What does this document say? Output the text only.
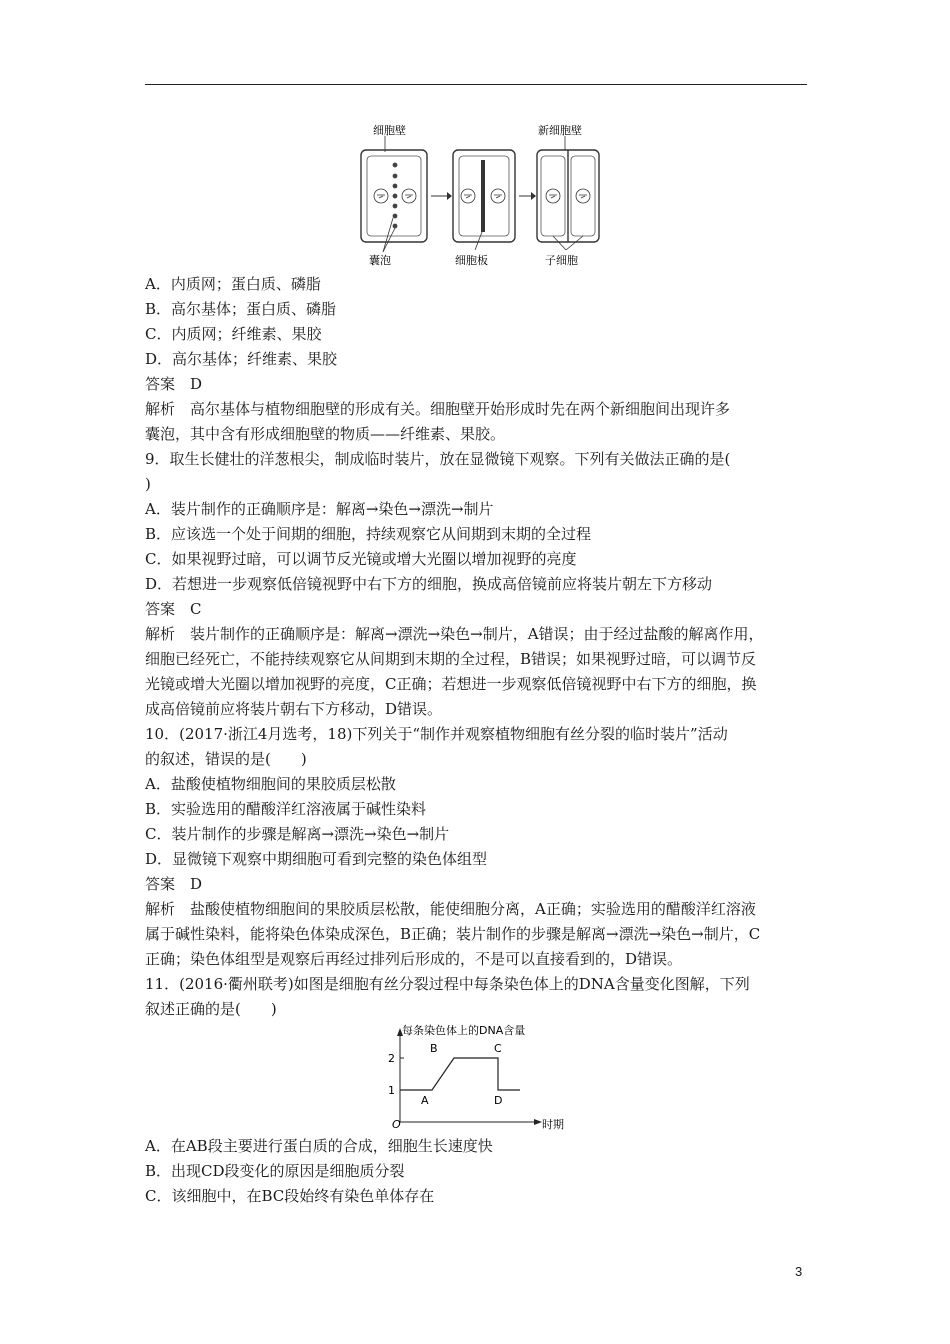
细胞壁	新细胞壁
囊泡	细胞板	子细胞
A．内质网；蛋白质、磷脂
B．高尔基体；蛋白质、磷脂
C．内质网；纤维素、果胶
D．高尔基体；纤维素、果胶
答案　D
解析　高尔基体与植物细胞壁的形成有关。细胞壁开始形成时先在两个新细胞间出现许多
囊泡，其中含有形成细胞壁的物质——纤维素、果胶。
9．取生长健壮的洋葱根尖，制成临时装片，放在显微镜下观察。下列有关做法正确的是(
)
A．装片制作的正确顺序是：解离→染色→漂洗→制片
B．应该选一个处于间期的细胞，持续观察它从间期到末期的全过程
C．如果视野过暗，可以调节反光镜或增大光圈以增加视野的亮度
D．若想进一步观察低倍镜视野中右下方的细胞，换成高倍镜前应将装片朝左下方移动
答案　C
解析　装片制作的正确顺序是：解离→漂洗→染色→制片，A错误；由于经过盐酸的解离作用，
细胞已经死亡，不能持续观察它从间期到末期的全过程，B错误；如果视野过暗，可以调节反
光镜或增大光圈以增加视野的亮度，C正确；若想进一步观察低倍镜视野中右下方的细胞，换
成高倍镜前应将装片朝右下方移动，D错误。
10．(2017·浙江4月选考，18)下列关于“制作并观察植物细胞有丝分裂的临时装片”活动
的叙述，错误的是(　　)
A．盐酸使植物细胞间的果胶质层松散
B．实验选用的醋酸洋红溶液属于碱性染料
C．装片制作的步骤是解离→漂洗→染色→制片
D．显微镜下观察中期细胞可看到完整的染色体组型
答案　D
解析　盐酸使植物细胞间的果胶质层松散，能使细胞分离，A正确；实验选用的醋酸洋红溶液
属于碱性染料，能将染色体染成深色，B正确；装片制作的步骤是解离→漂洗→染色→制片，C
正确；染色体组型是观察后再经过排列后形成的，不是可以直接看到的，D错误。
11．(2016·衢州联考)如图是细胞有丝分裂过程中每条染色体上的DNA含量变化图解，下列
叙述正确的是(　　)
每条染色体上的DNA含量
时期
O
1
2
A
B	C
D
A．在AB段主要进行蛋白质的合成，细胞生长速度快
B．出现CD段变化的原因是细胞质分裂
C．该细胞中，在BC段始终有染色单体存在
3
